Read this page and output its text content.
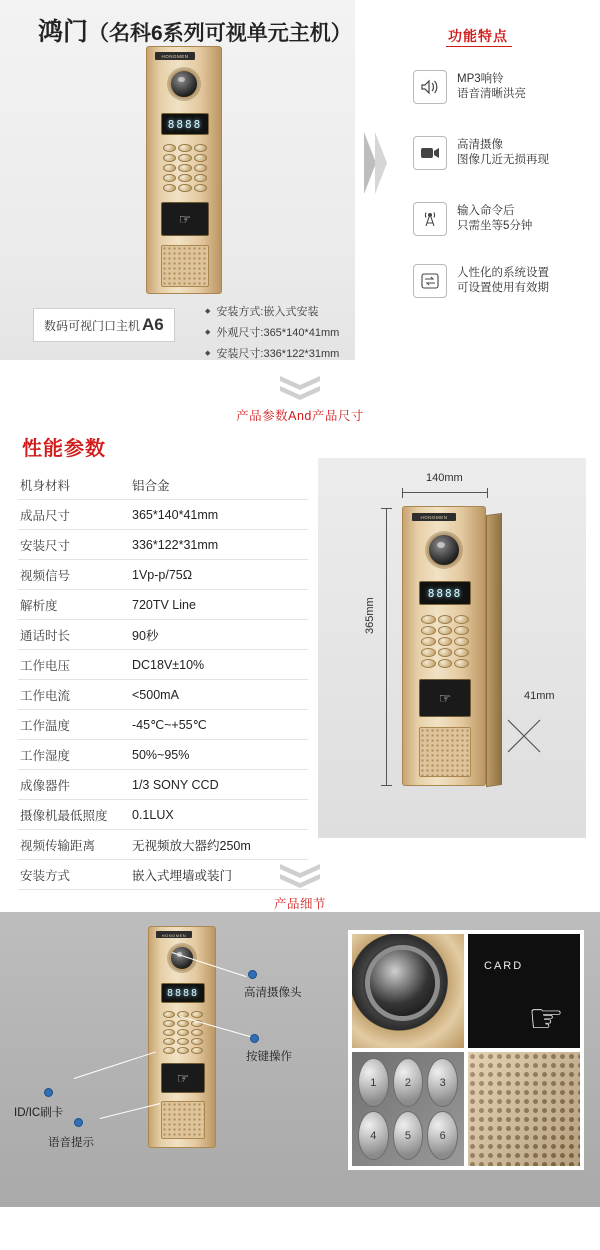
鸿门（名科6系列可视单元主机）
HONGMEN
8888
☞
数码可视门口主机 A6
◆ 安装方式:嵌入式安装
◆ 外观尺寸:365*140*41mm
◆ 安装尺寸:336*122*31mm
功能特点
MP3响铃
语音清晰洪亮
高清摄像
图像几近无损再现
输入命令后
只需坐等5分钟
人性化的系统设置
可设置使用有效期
产品参数And产品尺寸
性能参数
机身材料	铝合金
成品尺寸	365*140*41mm
安装尺寸	336*122*31mm
视频信号	1Vp-p/75Ω
解析度	720TV Line
通话时长	90秒
工作电压	DC18V±10%
工作电流	<500mA
工作温度	-45℃~+55℃
工作湿度	50%~95%
成像器件	1/3 SONY CCD
摄像机最低照度	0.1LUX
视频传输距离	无视频放大器约250m
安装方式	嵌入式埋墙或装门
140mm
365mm
41mm
HONGMEN
8888
☞
产品细节
HONGMEN
8888
☞
高清摄像头
按键操作
ID/IC刷卡
语音提示
CARD
☞
1	2	3
4	5	6
